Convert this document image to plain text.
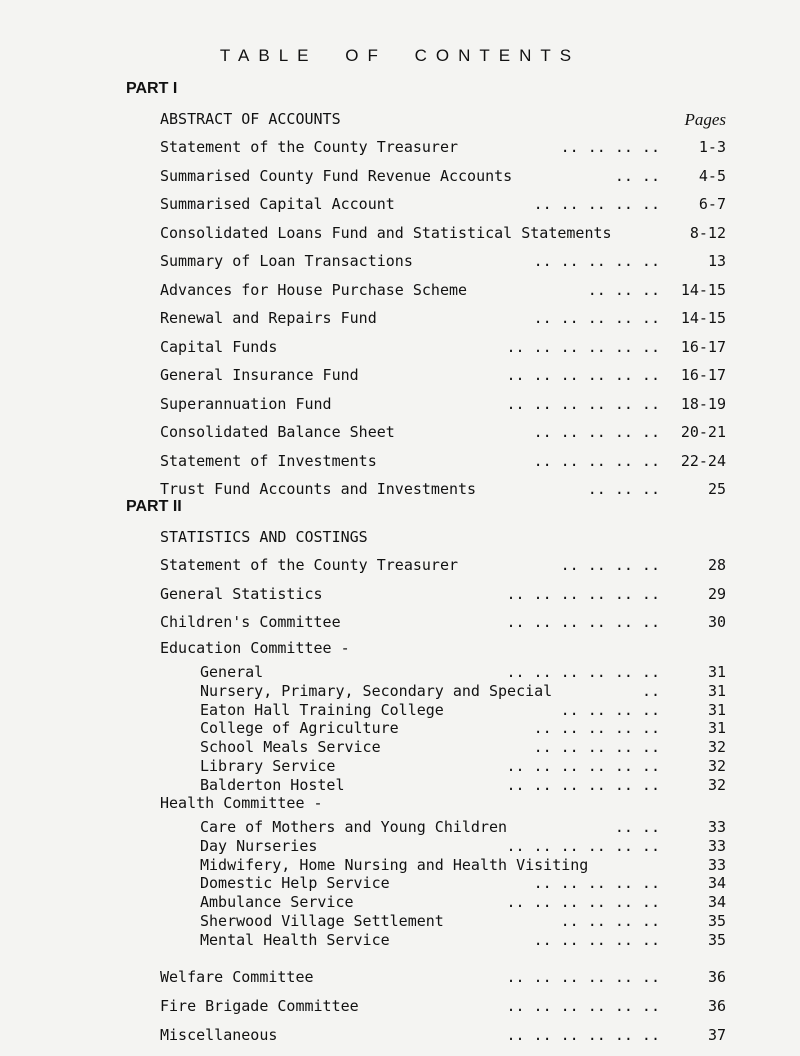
TABLE OF CONTENTS
PART I
ABSTRACT OF ACCOUNTS	Pages
Statement of the County Treasurer	.. .. .. ..	1-3
Summarised County Fund Revenue Accounts	.. ..	4-5
Summarised Capital Account	.. .. .. .. ..	6-7
Consolidated Loans Fund and Statistical Statements	8-12
Summary of Loan Transactions	.. .. .. .. ..	13
Advances for House Purchase Scheme	.. .. ..	14-15
Renewal and Repairs Fund	.. .. .. .. ..	14-15
Capital Funds	.. .. .. .. .. ..	16-17
General Insurance Fund	.. .. .. .. .. ..	16-17
Superannuation Fund	.. .. .. .. .. ..	18-19
Consolidated Balance Sheet	.. .. .. .. ..	20-21
Statement of Investments	.. .. .. .. ..	22-24
Trust Fund Accounts and Investments	.. .. ..	25
PART II
STATISTICS AND COSTINGS
Statement of the County Treasurer	.. .. .. ..	28
General Statistics	.. .. .. .. .. ..	29
Children's Committee	.. .. .. .. .. ..	30
Education Committee -
General	.. .. .. .. .. ..	31
Nursery, Primary, Secondary and Special	..	31
Eaton Hall Training College	.. .. .. ..	31
College of Agriculture	.. .. .. .. ..	31
School Meals Service	.. .. .. .. ..	32
Library Service	.. .. .. .. .. ..	32
Balderton Hostel	.. .. .. .. .. ..	32
Health Committee -
Care of Mothers and Young Children	.. ..	33
Day Nurseries	.. .. .. .. .. ..	33
Midwifery, Home Nursing and Health Visiting	33
Domestic Help Service	.. .. .. .. ..	34
Ambulance Service	.. .. .. .. .. ..	34
Sherwood Village Settlement	.. .. .. ..	35
Mental Health Service	.. .. .. .. ..	35
Welfare Committee	.. .. .. .. .. ..	36
Fire Brigade Committee	.. .. .. .. .. ..	36
Miscellaneous	.. .. .. .. .. ..	37
